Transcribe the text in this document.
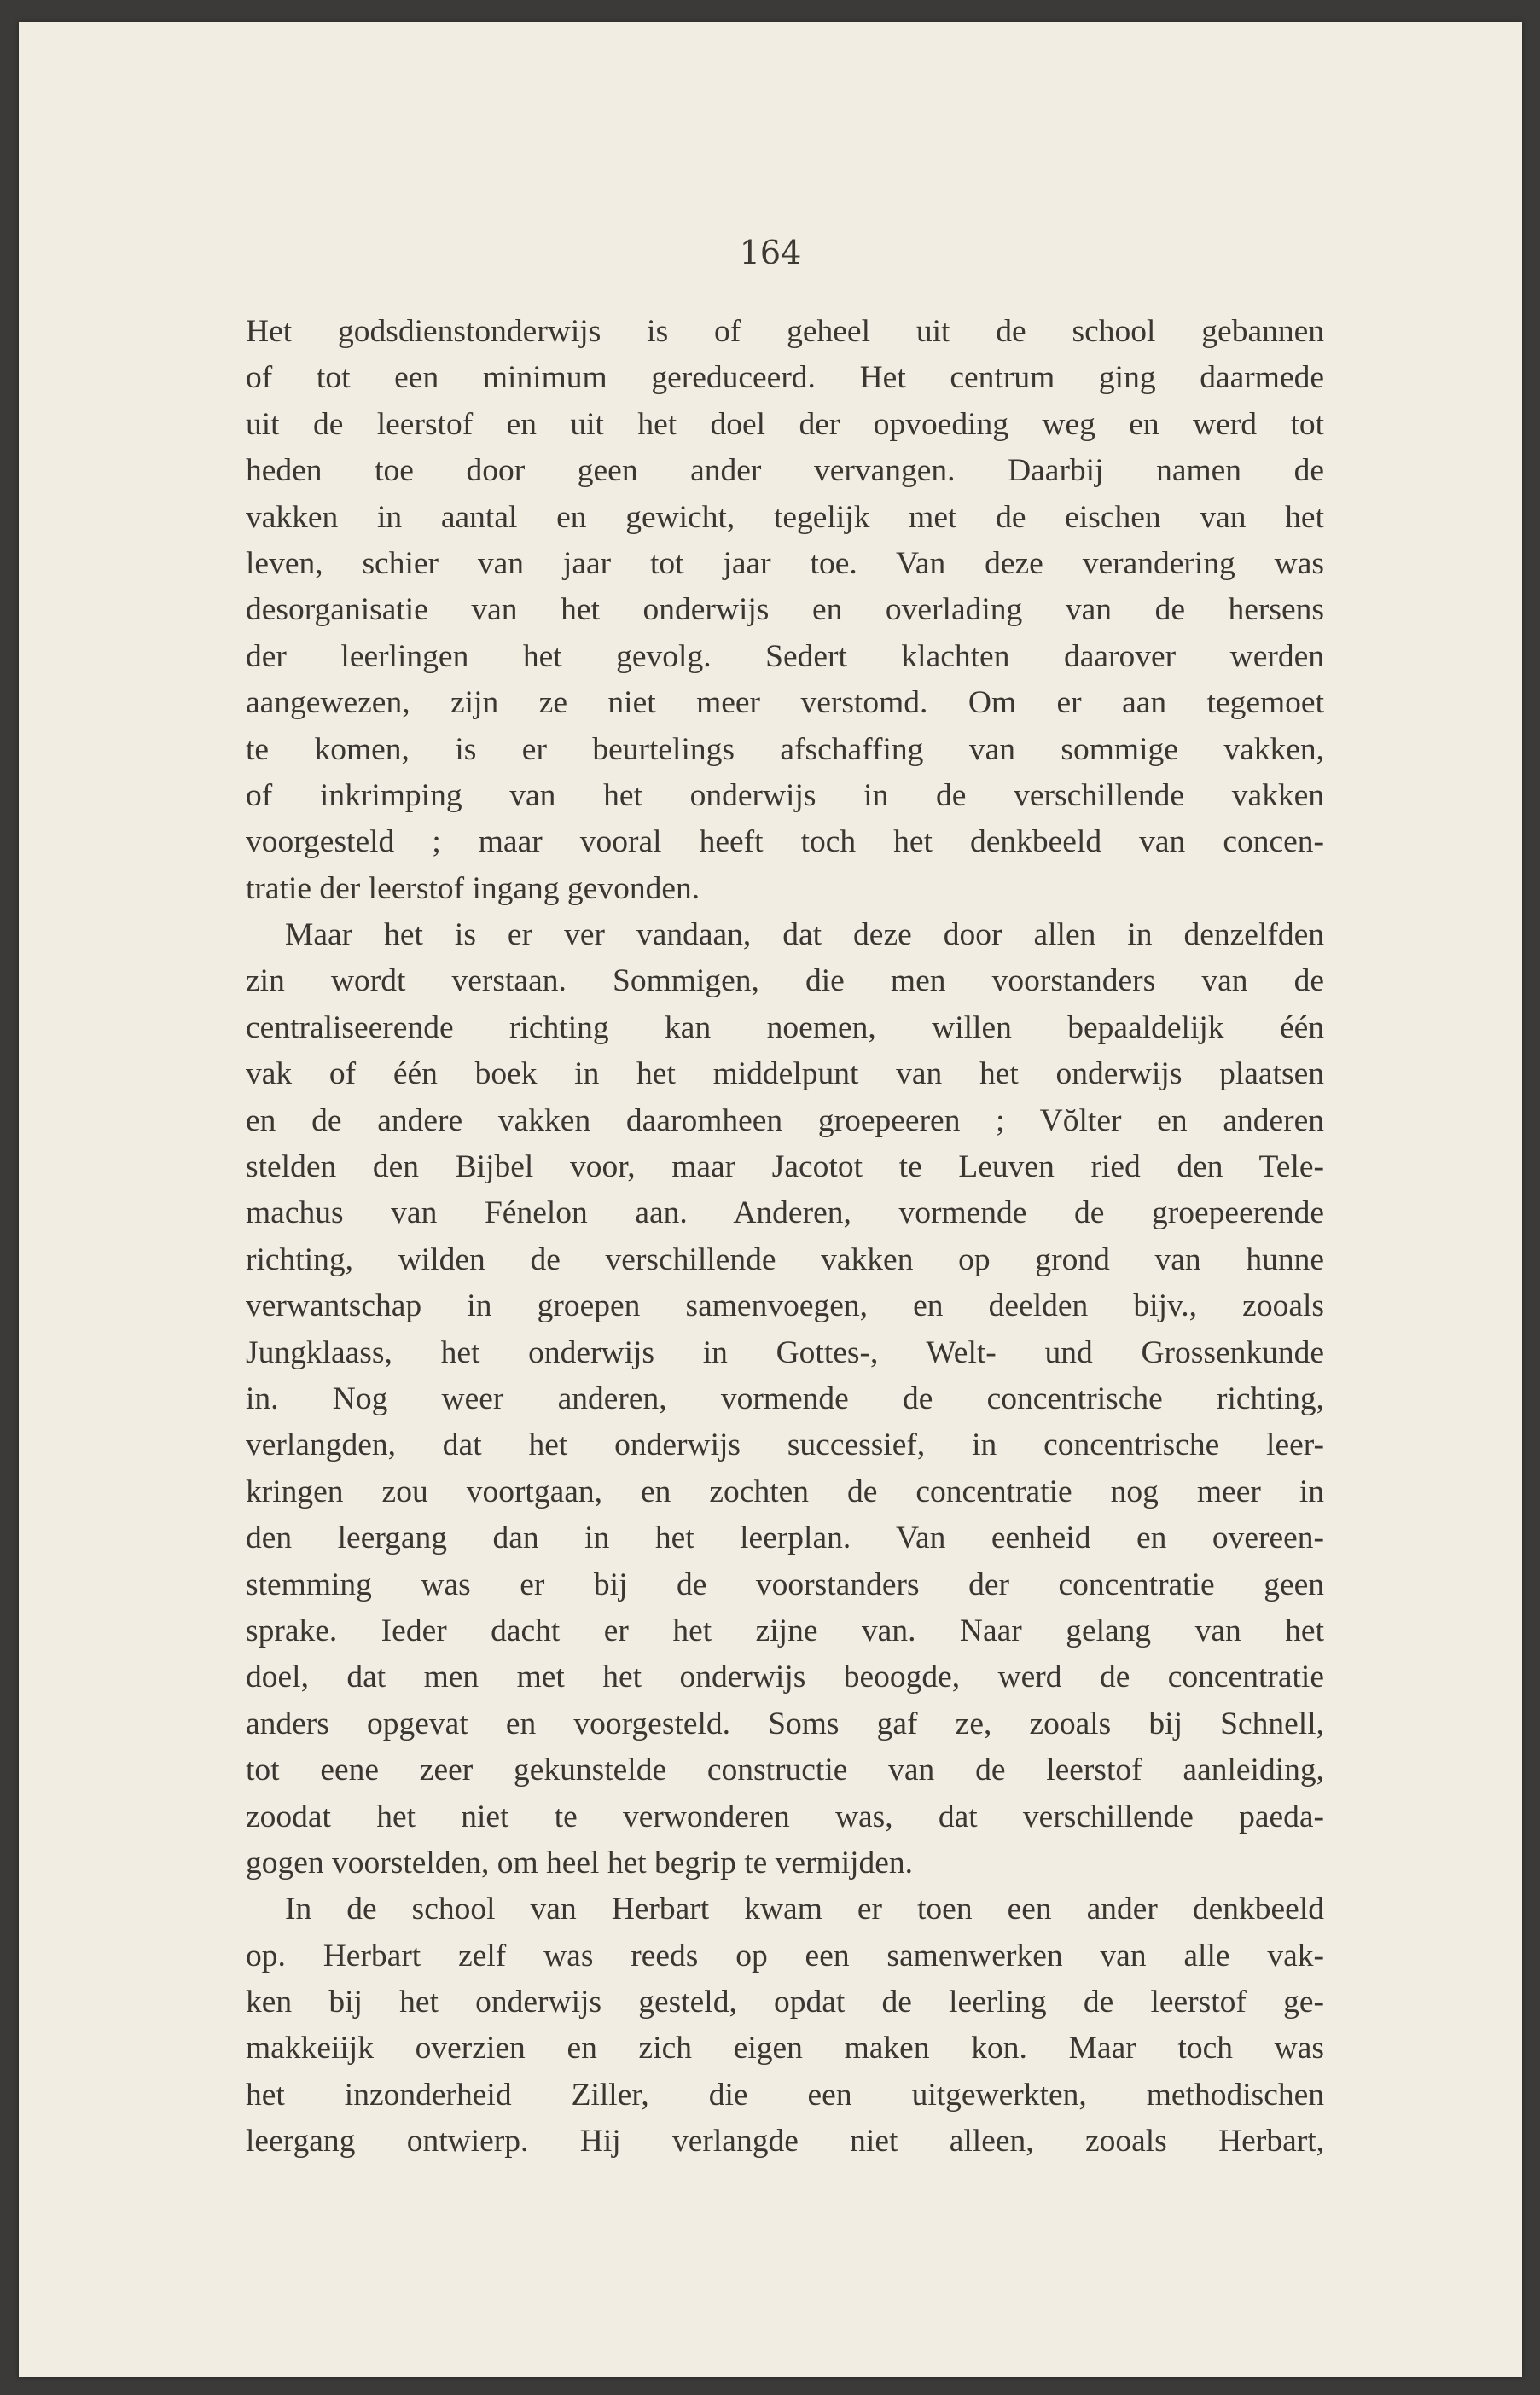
164

Het godsdienstonderwijs is of geheel uit de school gebannen
of tot een minimum gereduceerd. Het centrum ging daarmede
uit de leerstof en uit het doel der opvoeding weg en werd tot
heden toe door geen ander vervangen. Daarbij namen de
vakken in aantal en gewicht, tegelijk met de eischen van het
leven, schier van jaar tot jaar toe. Van deze verandering was
desorganisatie van het onderwijs en overlading van de hersens
der leerlingen het gevolg. Sedert klachten daarover werden
aangewezen, zijn ze niet meer verstomd. Om er aan tegemoet
te komen, is er beurtelings afschaffing van sommige vakken,
of inkrimping van het onderwijs in de verschillende vakken
voorgesteld ; maar vooral heeft toch het denkbeeld van concen-
tratie der leerstof ingang gevonden.
Maar het is er ver vandaan, dat deze door allen in denzelfden
zin wordt verstaan. Sommigen, die men voorstanders van de
centraliseerende richting kan noemen, willen bepaaldelijk één
vak of één boek in het middelpunt van het onderwijs plaatsen
en de andere vakken daaromheen groepeeren ; Vŏlter en anderen
stelden den Bijbel voor, maar Jacotot te Leuven ried den Tele-
machus van Fénelon aan. Anderen, vormende de groepeerende
richting, wilden de verschillende vakken op grond van hunne
verwantschap in groepen samenvoegen, en deelden bijv., zooals
Jungklaass, het onderwijs in Gottes-, Welt- und Grossenkunde
in. Nog weer anderen, vormende de concentrische richting,
verlangden, dat het onderwijs successief, in concentrische leer-
kringen zou voortgaan, en zochten de concentratie nog meer in
den leergang dan in het leerplan. Van eenheid en overeen-
stemming was er bij de voorstanders der concentratie geen
sprake. Ieder dacht er het zijne van. Naar gelang van het
doel, dat men met het onderwijs beoogde, werd de concentratie
anders opgevat en voorgesteld. Soms gaf ze, zooals bij Schnell,
tot eene zeer gekunstelde constructie van de leerstof aanleiding,
zoodat het niet te verwonderen was, dat verschillende paeda-
gogen voorstelden, om heel het begrip te vermijden.
In de school van Herbart kwam er toen een ander denkbeeld
op. Herbart zelf was reeds op een samenwerken van alle vak-
ken bij het onderwijs gesteld, opdat de leerling de leerstof ge-
makkeiijk overzien en zich eigen maken kon. Maar toch was
het inzonderheid Ziller, die een uitgewerkten, methodischen
leergang ontwierp. Hij verlangde niet alleen, zooals Herbart,
